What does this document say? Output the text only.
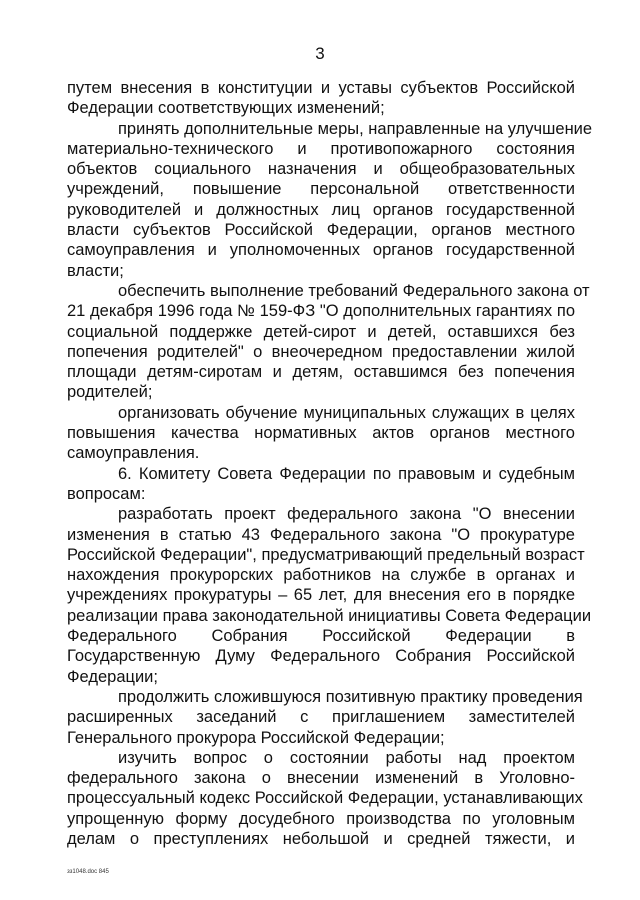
3
путем внесения в конституции и уставы субъектов Российской
Федерации соответствующих изменений;
принять дополнительные меры, направленные на улучшение
материально-технического и противопожарного состояния
объектов социального назначения и общеобразовательных
учреждений, повышение персональной ответственности
руководителей и должностных лиц органов государственной
власти субъектов Российской Федерации, органов местного
самоуправления и уполномоченных органов государственной
власти;
обеспечить выполнение требований Федерального закона от
21 декабря 1996 года № 159-ФЗ "О дополнительных гарантиях по
социальной поддержке детей-сирот и детей, оставшихся без
попечения родителей" о внеочередном предоставлении жилой
площади детям-сиротам и детям, оставшимся без попечения
родителей;
организовать обучение муниципальных служащих в целях
повышения качества нормативных актов органов местного
самоуправления.
6. Комитету Совета Федерации по правовым и судебным
вопросам:
разработать проект федерального закона "О внесении
изменения в статью 43 Федерального закона "О прокуратуре
Российской Федерации", предусматривающий предельный возраст
нахождения прокурорских работников на службе в органах и
учреждениях прокуратуры – 65 лет, для внесения его в порядке
реализации права законодательной инициативы Совета Федерации
Федерального Собрания Российской Федерации в
Государственную Думу Федерального Собрания Российской
Федерации;
продолжить сложившуюся позитивную практику проведения
расширенных заседаний с приглашением заместителей
Генерального прокурора Российской Федерации;
изучить вопрос о состоянии работы над проектом
федерального закона о внесении изменений в Уголовно-
процессуальный кодекс Российской Федерации, устанавливающих
упрощенную форму досудебного производства по уголовным
делам о преступлениях небольшой и средней тяжести, и
зз1048.doc 845
